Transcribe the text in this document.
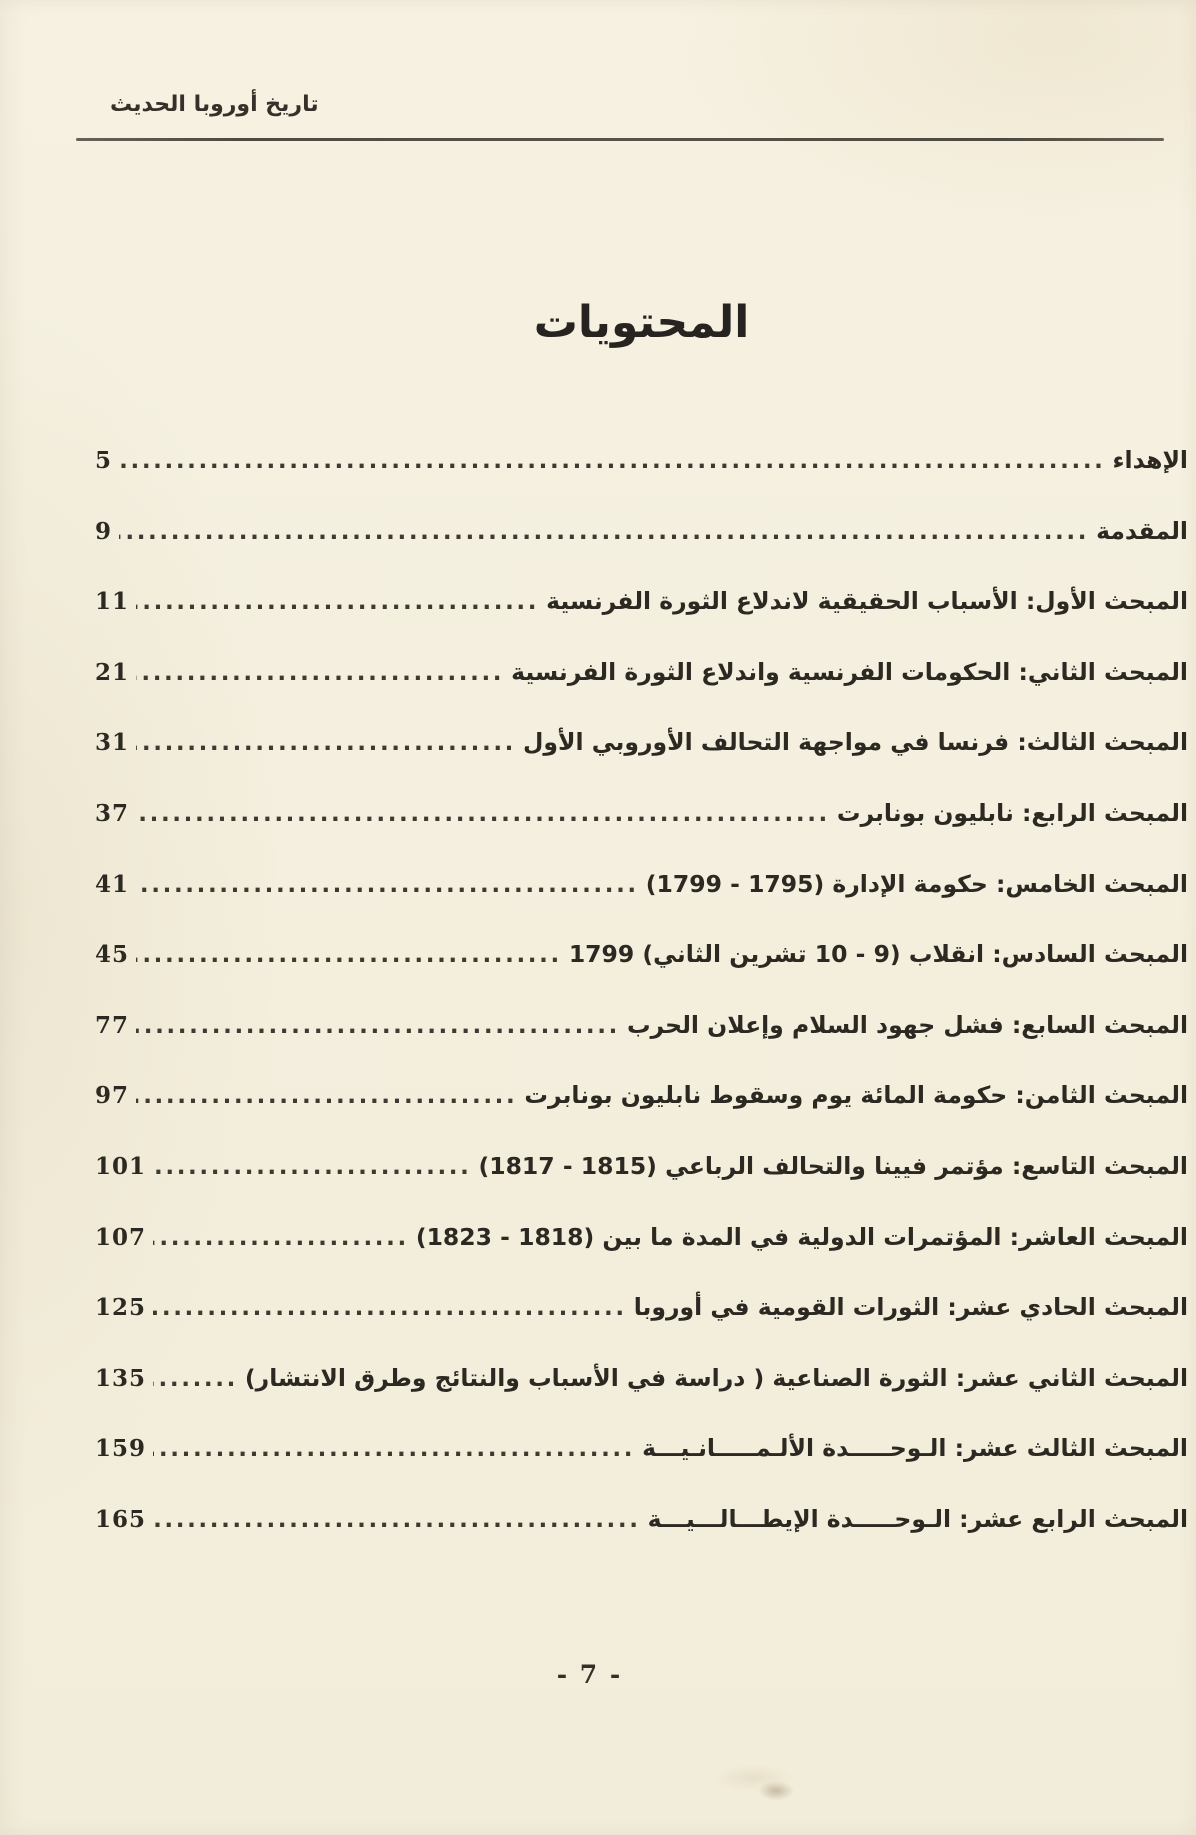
تاريخ أوروبا الحديث
المحتويات
الإهداء
.....
5
المقدمة
.....
9
المبحث الأول: الأسباب الحقيقية لاندلاع الثورة الفرنسية
.....
11
المبحث الثاني: الحكومات الفرنسية واندلاع الثورة الفرنسية
.....
21
المبحث الثالث: فرنسا في مواجهة التحالف الأوروبي الأول
.....
31
المبحث الرابع: نابليون بونابرت
.....
37
المبحث الخامس: حكومة الإدارة (1795 - 1799)
.....
41
المبحث السادس: انقلاب (9 - 10 تشرين الثاني) 1799
.....
45
المبحث السابع: فشل جهود السلام وإعلان الحرب
.....
77
المبحث الثامن: حكومة المائة يوم وسقوط نابليون بونابرت
.....
97
المبحث التاسع: مؤتمر فيينا والتحالف الرباعي (1815 - 1817)
.....
101
المبحث العاشر: المؤتمرات الدولية في المدة ما بين (1818 - 1823)
.....
107
المبحث الحادي عشر: الثورات القومية في أوروبا
.....
125
المبحث الثاني عشر: الثورة الصناعية ( دراسة في الأسباب والنتائج وطرق الانتشار)
.....
135
المبحث الثالث عشر: الـوحـــــدة الألـمـــــانـيـــة
.....
159
المبحث الرابع عشر: الـوحـــــدة الإيطـــالـــيـــة
.....
165
- 7 -
